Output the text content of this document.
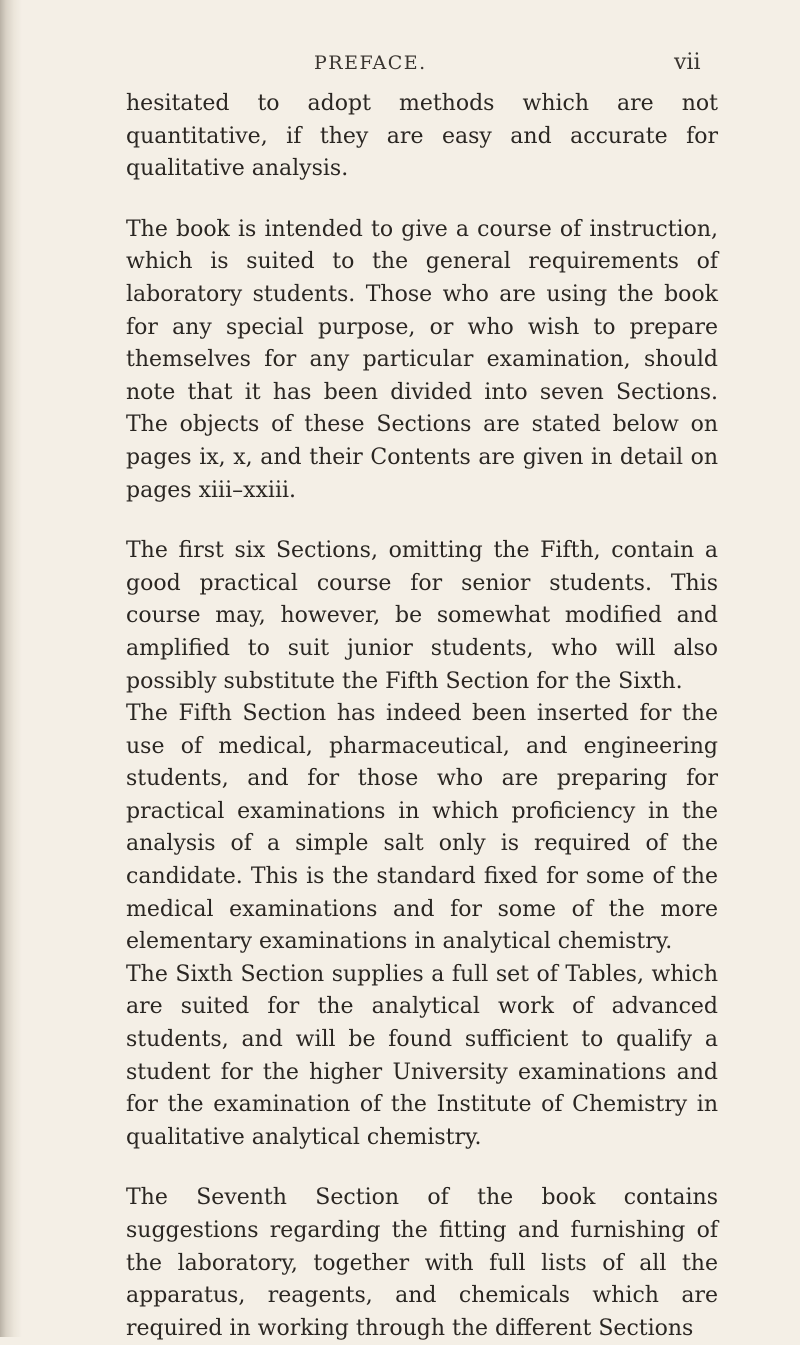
PREFACE.	vii

hesitated to adopt methods which are not quantitative, if they are easy and accurate for qualitative analysis.

The book is intended to give a course of instruction, which is suited to the general requirements of laboratory students. Those who are using the book for any special purpose, or who wish to prepare themselves for any particular examination, should note that it has been divided into seven Sections. The objects of these Sections are stated below on pages ix, x, and their Contents are given in detail on pages xiii–xxiii.

The first six Sections, omitting the Fifth, contain a good practical course for senior students. This course may, however, be somewhat modified and amplified to suit junior students, who will also possibly substitute the Fifth Section for the Sixth.

The Fifth Section has indeed been inserted for the use of medical, pharmaceutical, and engineering students, and for those who are preparing for practical examinations in which proficiency in the analysis of a simple salt only is required of the candidate. This is the standard fixed for some of the medical examinations and for some of the more elementary examinations in analytical chemistry.

The Sixth Section supplies a full set of Tables, which are suited for the analytical work of advanced students, and will be found sufficient to qualify a student for the higher University examinations and for the examination of the Institute of Chemistry in qualitative analytical chemistry.

The Seventh Section of the book contains suggestions regarding the fitting and furnishing of the laboratory, together with full lists of all the apparatus, reagents, and chemicals which are required in working through the different Sections
